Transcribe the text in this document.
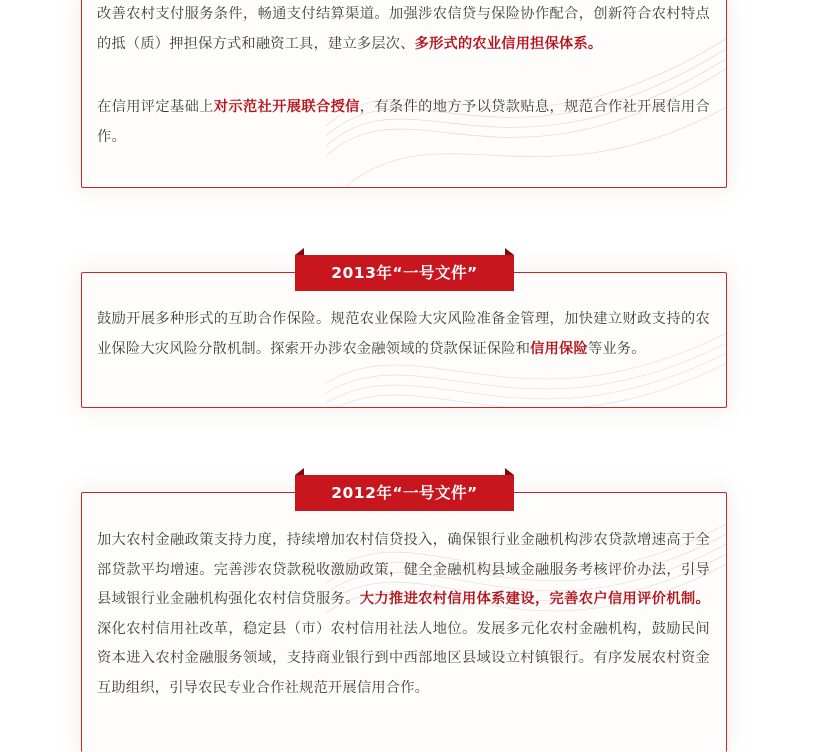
改善农村支付服务条件，畅通支付结算渠道。加强涉农信贷与保险协作配合，创新符合农村特点的抵（质）押担保方式和融资工具，建立多层次、多形式的农业信用担保体系。

在信用评定基础上对示范社开展联合授信，有条件的地方予以贷款贴息，规范合作社开展信用合作。

鼓励开展多种形式的互助合作保险。规范农业保险大灾风险准备金管理，加快建立财政支持的农业保险大灾风险分散机制。探索开办涉农金融领域的贷款保证保险和信用保险等业务。

2013年“一号文件”

加大农村金融政策支持力度，持续增加农村信贷投入，确保银行业金融机构涉农贷款增速高于全部贷款平均增速。完善涉农贷款税收激励政策，健全金融机构县域金融服务考核评价办法，引导县域银行业金融机构强化农村信贷服务。大力推进农村信用体系建设，完善农户信用评价机制。深化农村信用社改革，稳定县（市）农村信用社法人地位。发展多元化农村金融机构，鼓励民间资本进入农村金融服务领域，支持商业银行到中西部地区县域设立村镇银行。有序发展农村资金互助组织，引导农民专业合作社规范开展信用合作。

2012年“一号文件”
